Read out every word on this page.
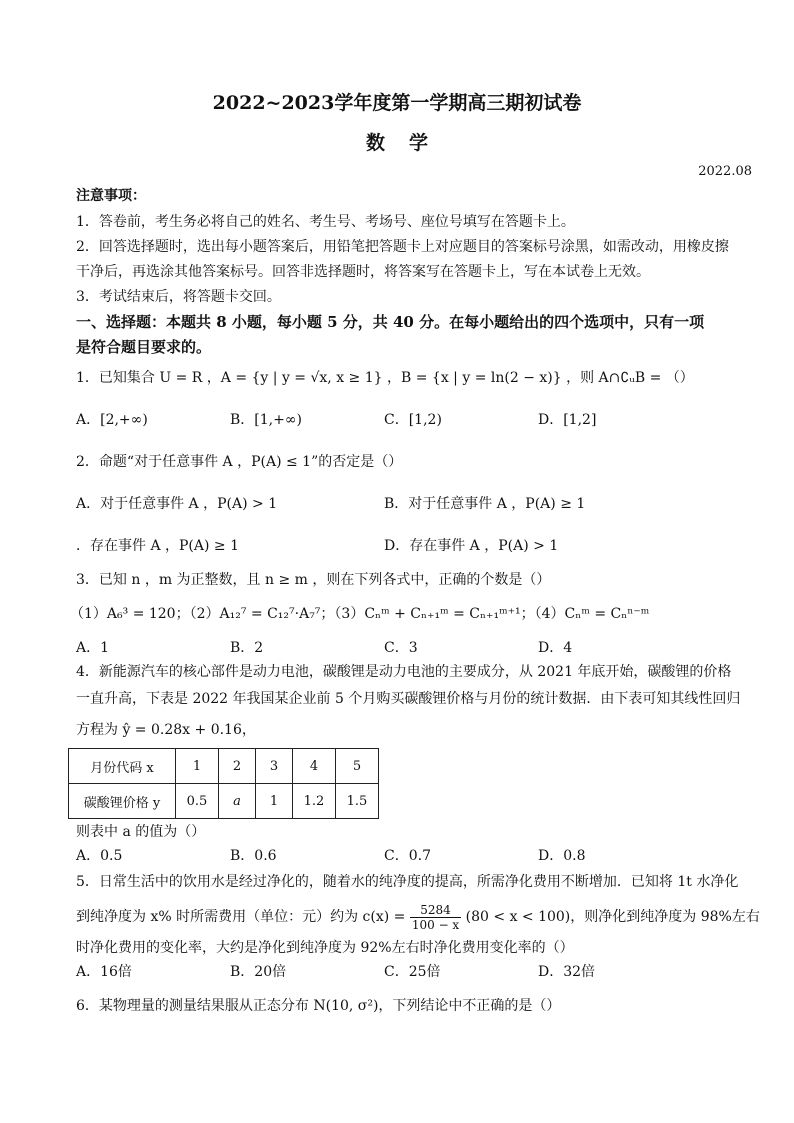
2022~2023学年度第一学期高三期初试卷
数学
2022.08
注意事项：
1．答卷前，考生务必将自己的姓名、考生号、考场号、座位号填写在答题卡上。
2．回答选择题时，选出每小题答案后，用铅笔把答题卡上对应题目的答案标号涂黑，如需改动，用橡皮擦
干净后，再选涂其他答案标号。回答非选择题时，将答案写在答题卡上，写在本试卷上无效。
3．考试结束后，将答题卡交回。
一、选择题：本题共 8 小题，每小题 5 分，共 40 分。在每小题给出的四个选项中，只有一项
是符合题目要求的。
1．已知集合 U = R ，A = {y | y = √x, x ≥ 1} ，B = {x | y = ln(2 − x)} ，则 A∩∁ᵤB = （）
A．[2,+∞)	B．[1,+∞)	C．[1,2)	D．[1,2]
2．命题“对于任意事件 A ，P(A) ≤ 1”的否定是（）
A．对于任意事件 A ，P(A) > 1	B．对于任意事件 A ，P(A) ≥ 1
．存在事件 A ，P(A) ≥ 1	D．存在事件 A ，P(A) > 1
3．已知 n ，m 为正整数，且 n ≥ m ，则在下列各式中，正确的个数是（）
（1）A₆³ = 120；（2）A₁₂⁷ = C₁₂⁷·A₇⁷；（3）Cₙᵐ + Cₙ₊₁ᵐ = Cₙ₊₁ᵐ⁺¹；（4）Cₙᵐ = Cₙⁿ⁻ᵐ
A．1	B．2	C．3	D．4
4．新能源汽车的核心部件是动力电池，碳酸锂是动力电池的主要成分，从 2021 年底开始，碳酸锂的价格
一直升高，下表是 2022 年我国某企业前 5 个月购买碳酸锂价格与月份的统计数据．由下表可知其线性回归
方程为 ŷ = 0.28x + 0.16，
月份代码 x	1	2	3	4	5
碳酸锂价格 y	0.5	a	1	1.2	1.5
则表中 a 的值为（）
A．0.5	B．0.6	C．0.7	D．0.8
5．日常生活中的饮用水是经过净化的，随着水的纯净度的提高，所需净化费用不断增加．已知将 1t 水净化
到纯净度为 x% 时所需费用（单位：元）约为 $c(x) = \frac{5284}{100 - x} (80 < x < 100)$，则净化到纯净度为 98%左右
时净化费用的变化率，大约是净化到纯净度为 92%左右时净化费用变化率的（）
A．16倍	B．20倍	C．25倍	D．32倍
6．某物理量的测量结果服从正态分布 N(10, σ²)，下列结论中不正确的是（）
